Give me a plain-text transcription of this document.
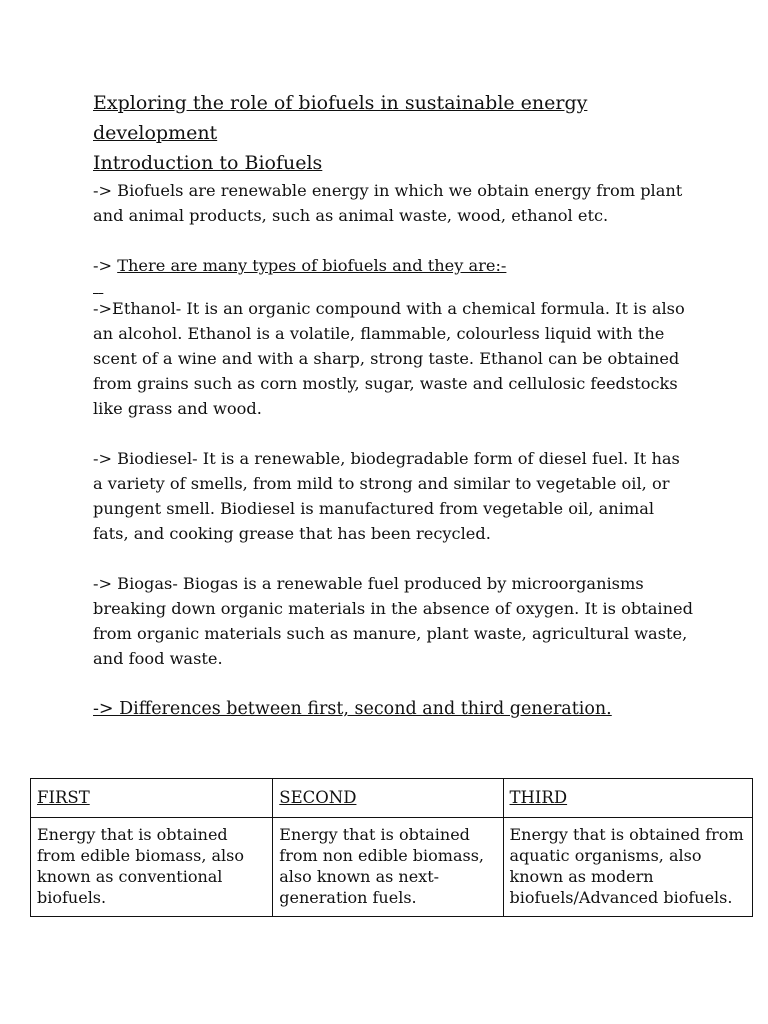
Exploring the role of biofuels in sustainable energy
development
Introduction to Biofuels

-> Biofuels are renewable energy in which we obtain energy from plant and animal products, such as animal waste, wood, ethanol etc.

-> There are many types of biofuels and they are:-

->Ethanol- It is an organic compound with a chemical formula. It is also an alcohol. Ethanol is a volatile, flammable, colourless liquid with the scent of a wine and with a sharp, strong taste. Ethanol can be obtained from grains such as corn mostly, sugar, waste and cellulosic feedstocks like grass and wood.

-> Biodiesel- It is a renewable, biodegradable form of diesel fuel. It has a variety of smells, from mild to strong and similar to vegetable oil, or pungent smell. Biodiesel is manufactured from vegetable oil, animal fats, and cooking grease that has been recycled.

-> Biogas- Biogas is a renewable fuel produced by microorganisms breaking down organic materials in the absence of oxygen. It is obtained from organic materials such as manure, plant waste, agricultural waste, and food waste.

-> Differences between first, second and third generation.

FIRST	SECOND	THIRD
Energy that is obtained from edible biomass, also known as conventional biofuels.	Energy that is obtained from non edible biomass, also known as next-generation fuels.	Energy that is obtained from aquatic organisms, also known as modern biofuels/Advanced biofuels.
